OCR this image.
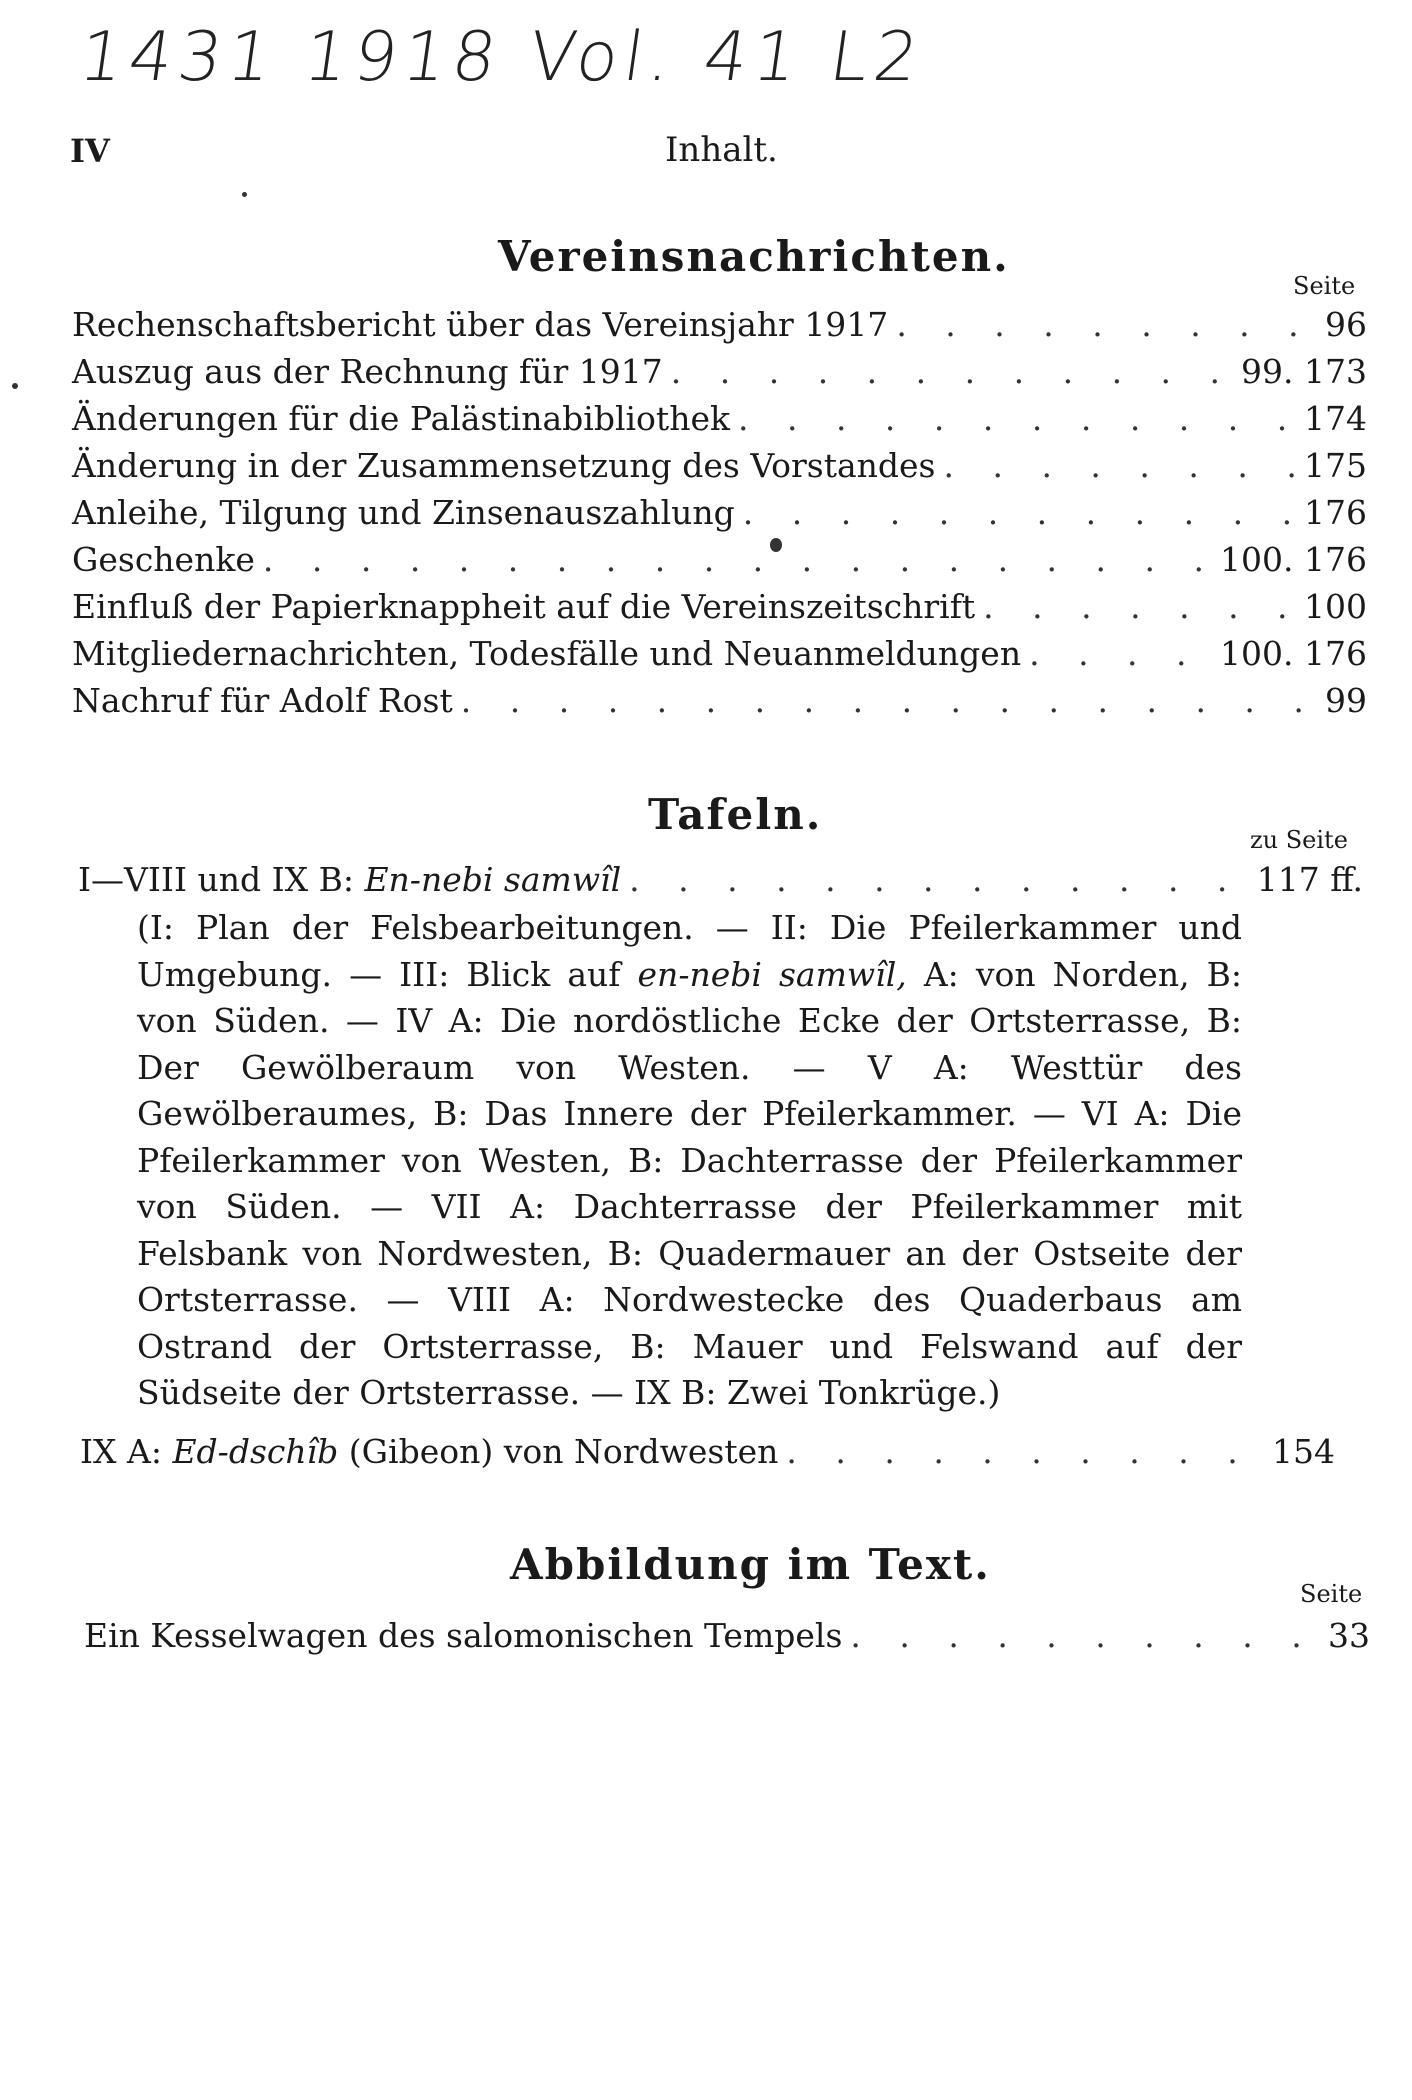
1431 1918 Vol. 41 L2
IV	Inhalt.
Vereinsnachrichten.
Seite
Rechenschaftsbericht über das Vereinsjahr 1917 . . .	96
Auszug aus der Rechnung für 1917 . . .	99. 173
Änderungen für die Palästinabibliothek . . .	174
Änderung in der Zusammensetzung des Vorstandes . . .	175
Anleihe, Tilgung und Zinsenauszahlung . . .	176
Geschenke . . .	100. 176
Einfluß der Papierknappheit auf die Vereinszeitschrift . . .	100
Mitgliedernachrichten, Todesfälle und Neuanmeldungen . . .	100. 176
Nachruf für Adolf Rost . . .	99
Tafeln.
zu Seite
I—VIII und IX B: En-nebi samwîl . . .	117 ff.

(I: Plan der Felsbearbeitungen. — II: Die Pfeilerkammer und Umgebung. — III: Blick auf en-nebi samwîl, A: von Norden, B: von Süden. — IV A: Die nordöstliche Ecke der Ortsterrasse, B: Der Gewölberaum von Westen. — V A: Westtür des Gewölberaumes, B: Das Innere der Pfeilerkammer. — VI A: Die Pfeilerkammer von Westen, B: Dachterrasse der Pfeilerkammer von Süden. — VII A: Dachterrasse der Pfeilerkammer mit Felsbank von Nordwesten, B: Quadermauer an der Ostseite der Ortsterrasse. — VIII A: Nordwestecke des Quaderbaus am Ostrand der Ortsterrasse, B: Mauer und Felswand auf der Südseite der Ortsterrasse. — IX B: Zwei Tonkrüge.)

IX A: Ed-dschîb (Gibeon) von Nordwesten . . .	154
Abbildung im Text.
Seite
Ein Kesselwagen des salomonischen Tempels . . .	33
